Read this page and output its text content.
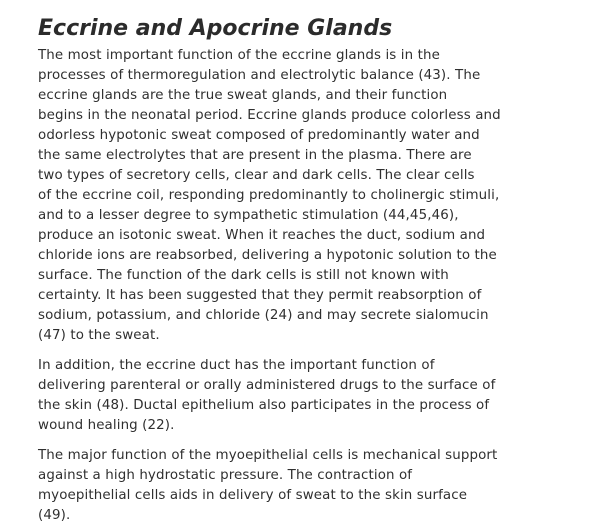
Eccrine and Apocrine Glands

The most important function of the eccrine glands is in the
processes of thermoregulation and electrolytic balance (43). The
eccrine glands are the true sweat glands, and their function
begins in the neonatal period. Eccrine glands produce colorless and
odorless hypotonic sweat composed of predominantly water and
the same electrolytes that are present in the plasma. There are
two types of secretory cells, clear and dark cells. The clear cells
of the eccrine coil, responding predominantly to cholinergic stimuli,
and to a lesser degree to sympathetic stimulation (44,45,46),
produce an isotonic sweat. When it reaches the duct, sodium and
chloride ions are reabsorbed, delivering a hypotonic solution to the
surface. The function of the dark cells is still not known with
certainty. It has been suggested that they permit reabsorption of
sodium, potassium, and chloride (24) and may secrete sialomucin
(47) to the sweat.

In addition, the eccrine duct has the important function of
delivering parenteral or orally administered drugs to the surface of
the skin (48). Ductal epithelium also participates in the process of
wound healing (22).

The major function of the myoepithelial cells is mechanical support
against a high hydrostatic pressure. The contraction of
myoepithelial cells aids in delivery of sweat to the skin surface
(49).
